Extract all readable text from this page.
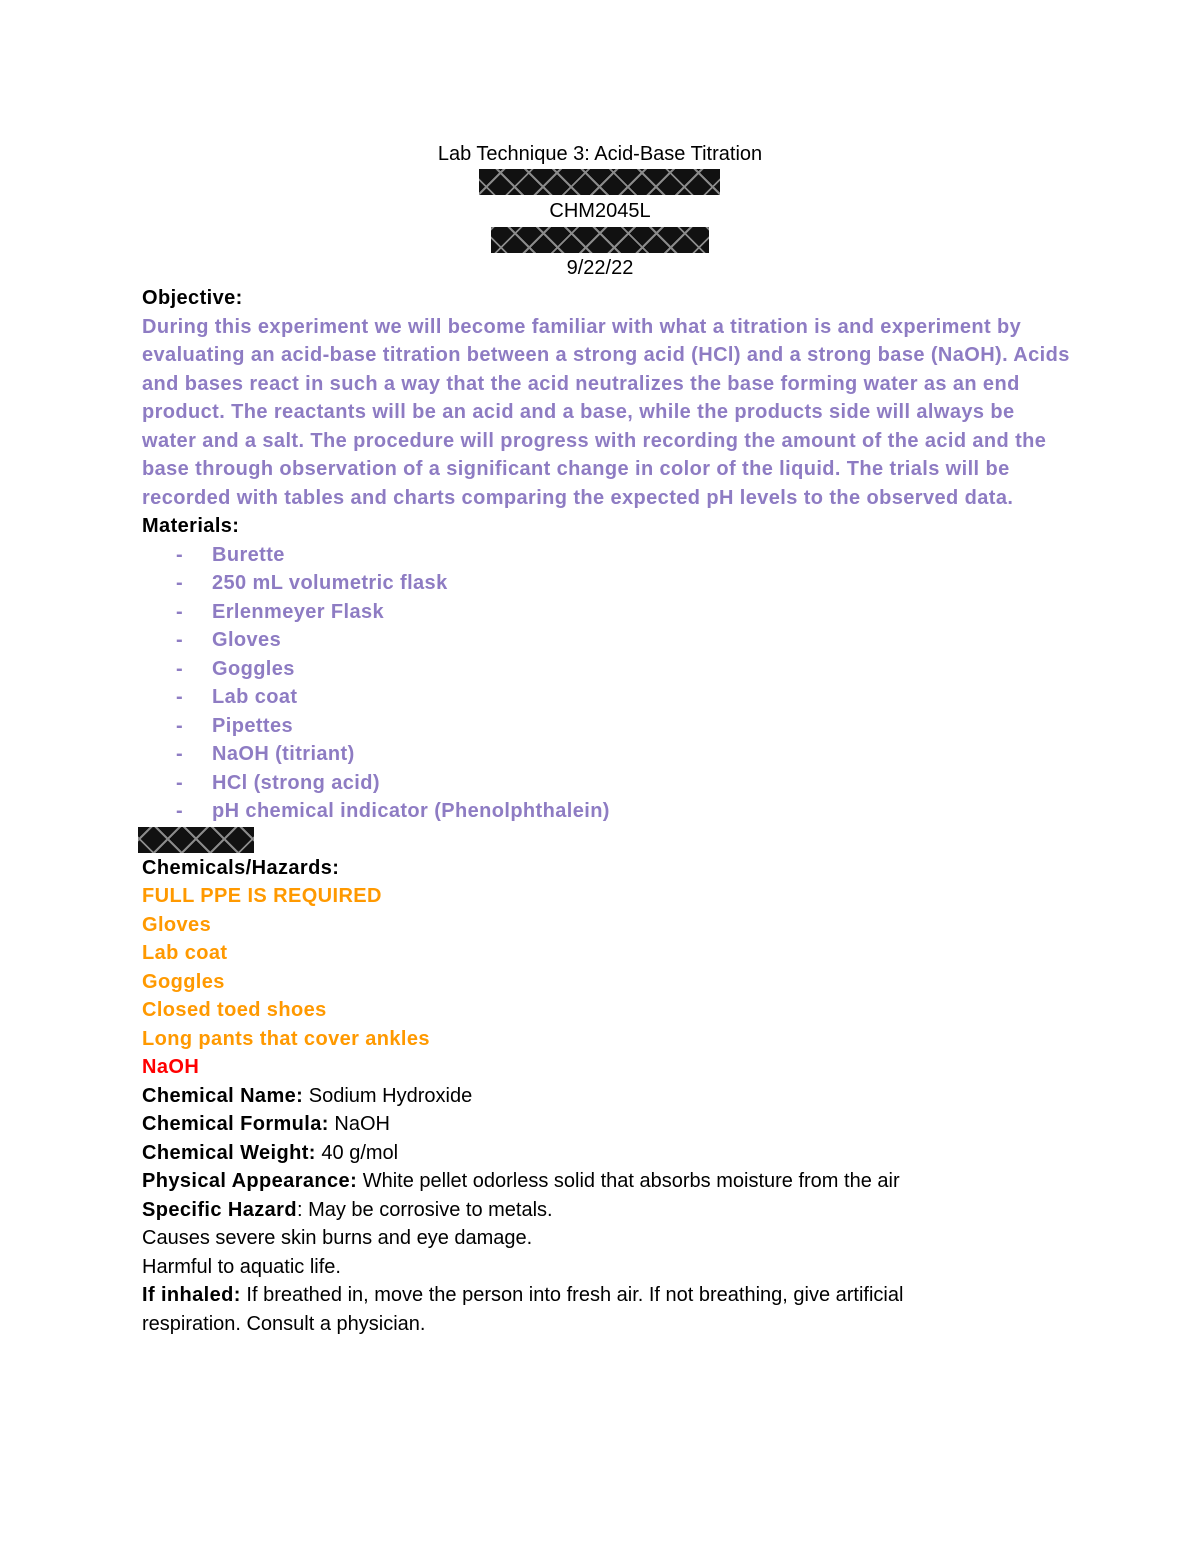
Lab Technique 3: Acid-Base Titration
CHM2045L
9/22/22
Objective:
During this experiment we will become familiar with what a titration is and experiment by evaluating an acid-base titration between a strong acid (HCl) and a strong base (NaOH). Acids and bases react in such a way that the acid neutralizes the base forming water as an end product. The reactants will be an acid and a base, while the products side will always be water and a salt. The procedure will progress with recording the amount of the acid and the base through observation of a significant change in color of the liquid. The trials will be recorded with tables and charts comparing the expected pH levels to the observed data.
Materials:
- Burette
- 250 mL volumetric flask
- Erlenmeyer Flask
- Gloves
- Goggles
- Lab coat
- Pipettes
- NaOH (titriant)
- HCl (strong acid)
- pH chemical indicator (Phenolphthalein)
Chemicals/Hazards:
FULL PPE IS REQUIRED
Gloves
Lab coat
Goggles
Closed toed shoes
Long pants that cover ankles
NaOH
Chemical Name: Sodium Hydroxide
Chemical Formula: NaOH
Chemical Weight: 40 g/mol
Physical Appearance: White pellet odorless solid that absorbs moisture from the air
Specific Hazard: May be corrosive to metals.
Causes severe skin burns and eye damage.
Harmful to aquatic life.
If inhaled: If breathed in, move the person into fresh air. If not breathing, give artificial
respiration. Consult a physician.
